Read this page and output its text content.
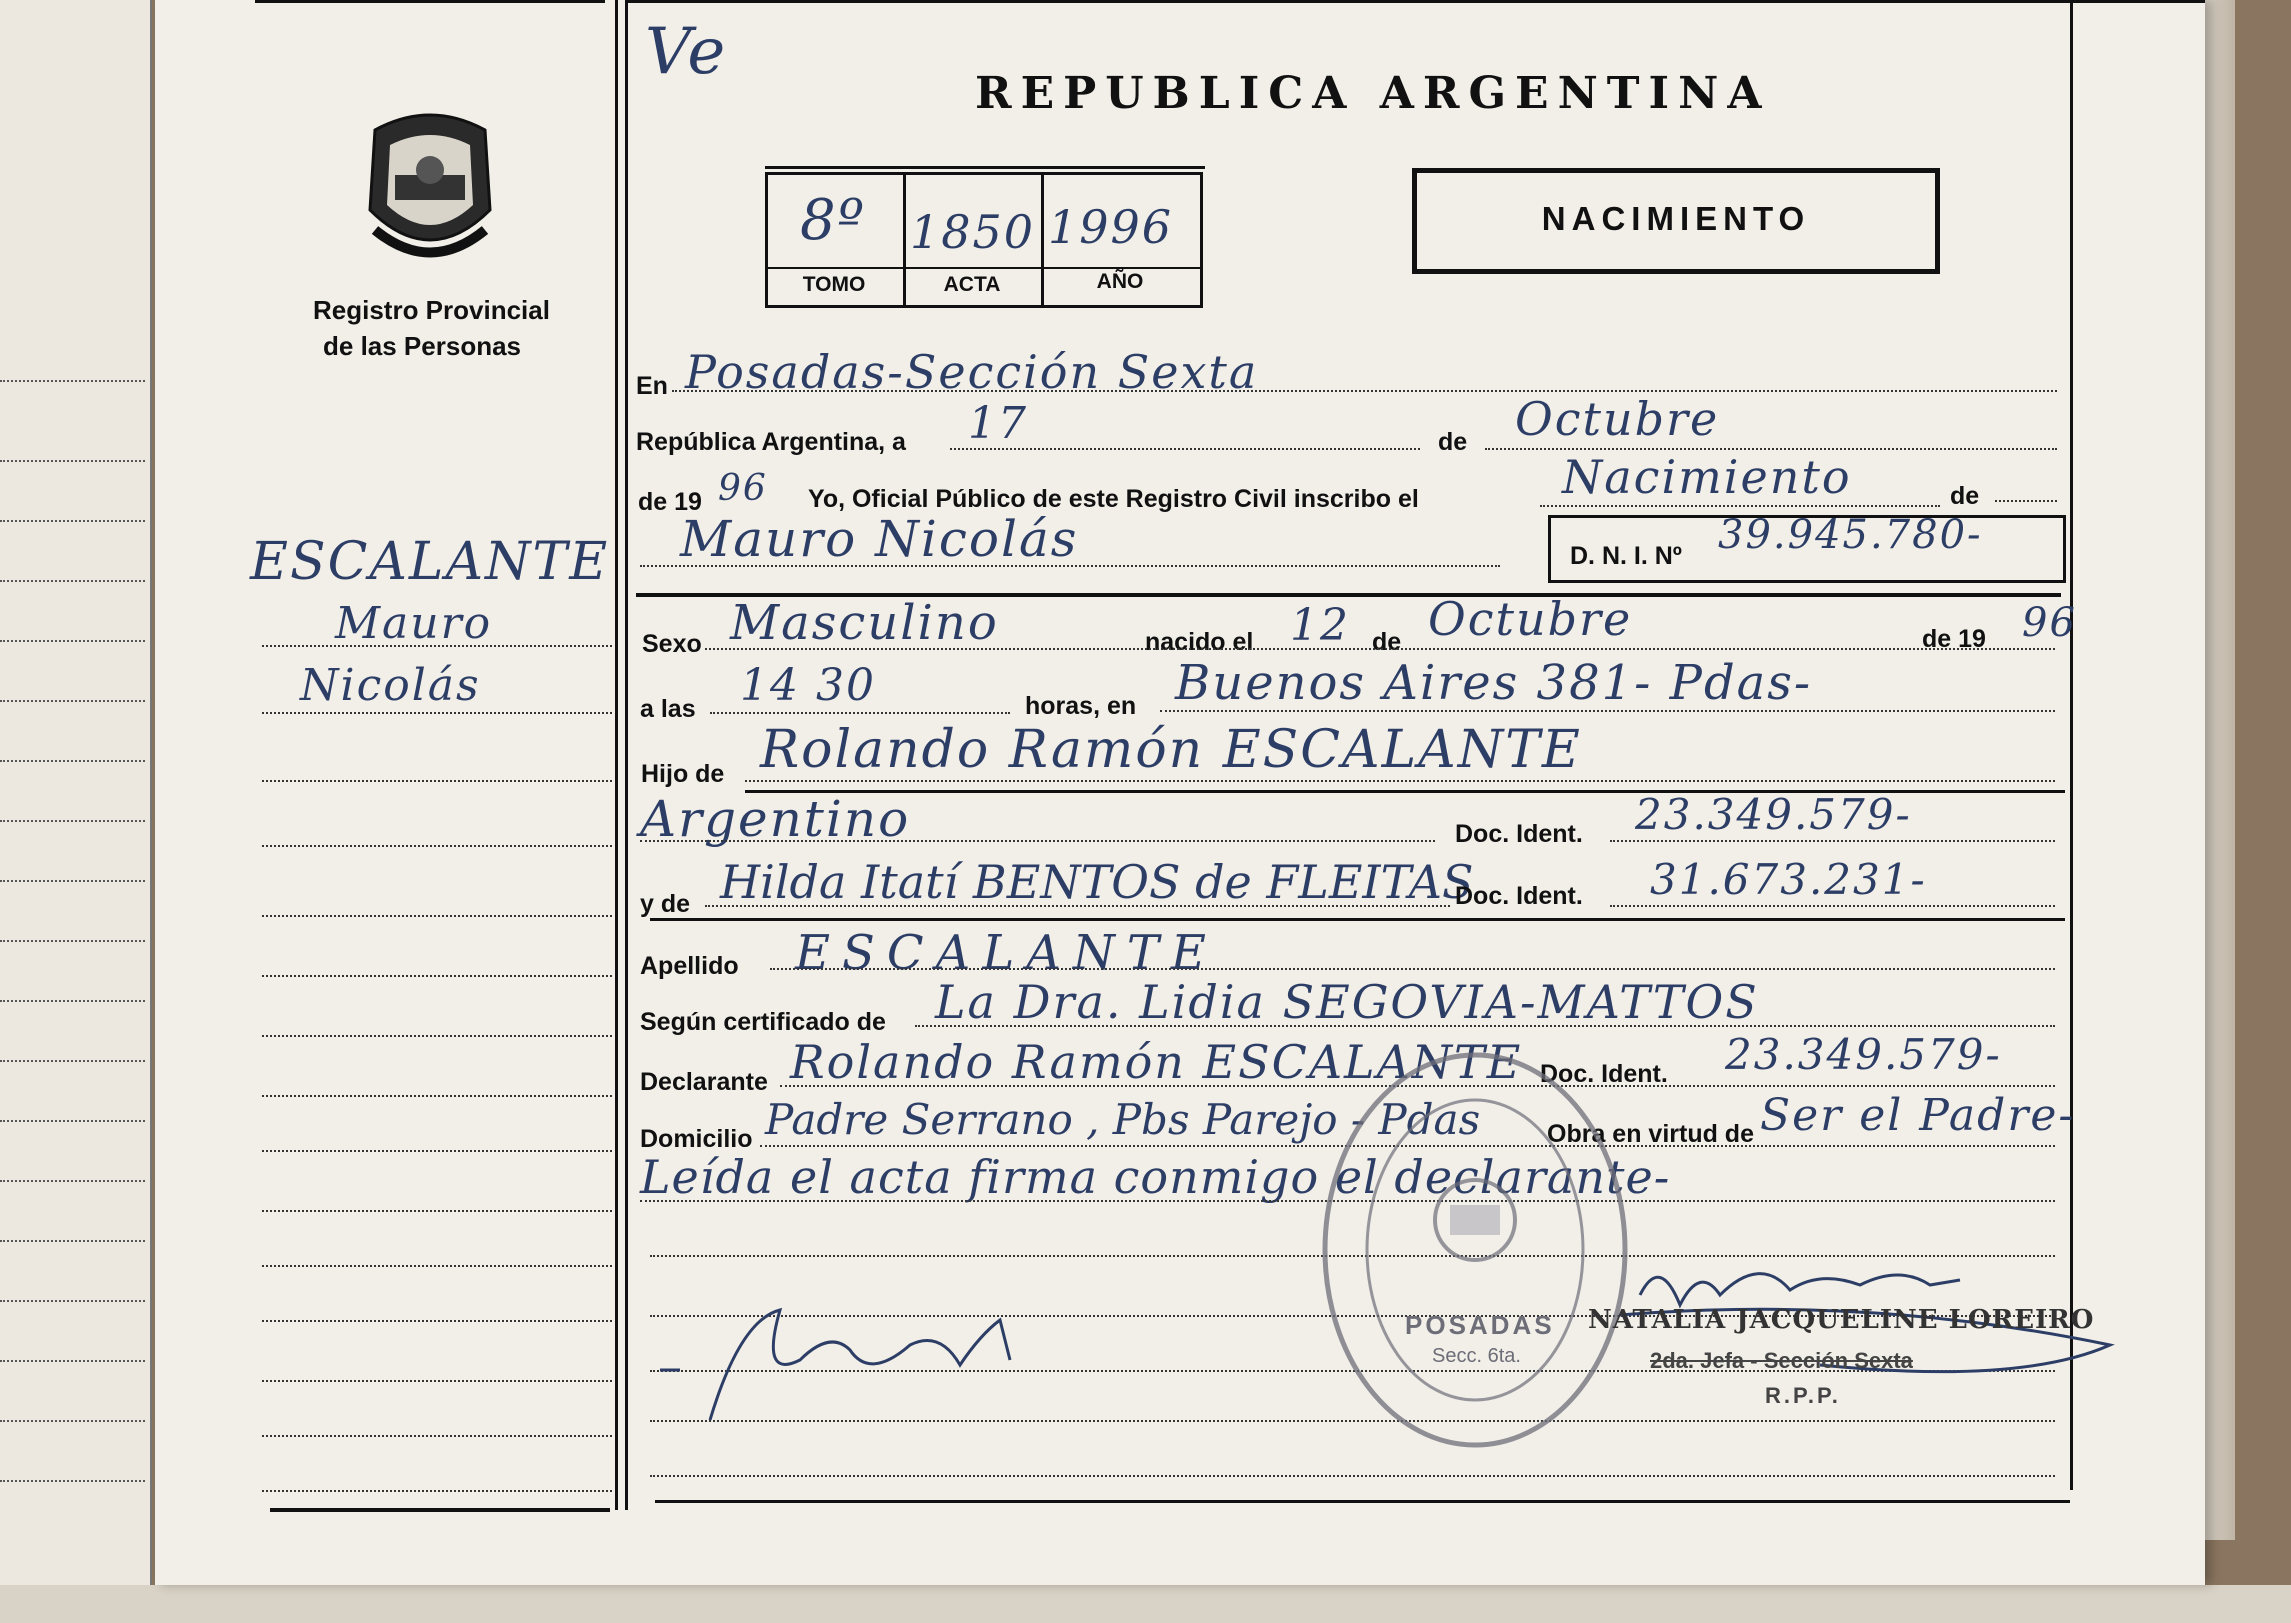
Registro Provincial
de las Personas
Ve
REPUBLICA ARGENTINA
8º 1850 1996
TOMO	ACTA	AÑO
NACIMIENTO
ESCALANTE
Mauro
Nicolás
En Posadas-Sección Sexta
República Argentina, a 17	de Octubre
de 19 96 Yo, Oficial Público de este Registro Civil inscribo el	Nacimiento	de
Mauro Nicolás	D. N. I. Nº 39.945.780-
Sexo Masculino	nacido el 12 de Octubre	de 19 96
a las 14 30	horas, en Buenos Aires 381- Pdas-
Hijo de Rolando Ramón ESCALANTE
Argentino	Doc. Ident. 23.349.579-
y de Hilda Itatí BENTOS de FLEITAS
Doc. Ident. 31.673.231-
Apellido ESCALANTE
Según certificado de La Dra. Lidia SEGOVIA-MATTOS
Declarante Rolando Ramón ESCALANTE Doc. Ident. 23.349.579-
Domicilio Padre Serrano , Pbs Parejo - Pdas	Obra en virtud de Ser el Padre-
Leída el acta firma conmigo el declarante-
POSADAS
Secc. 6ta.
NATALIA JACQUELINE LOREIRO
2da. Jefa - Sección Sexta
R.P.P.
